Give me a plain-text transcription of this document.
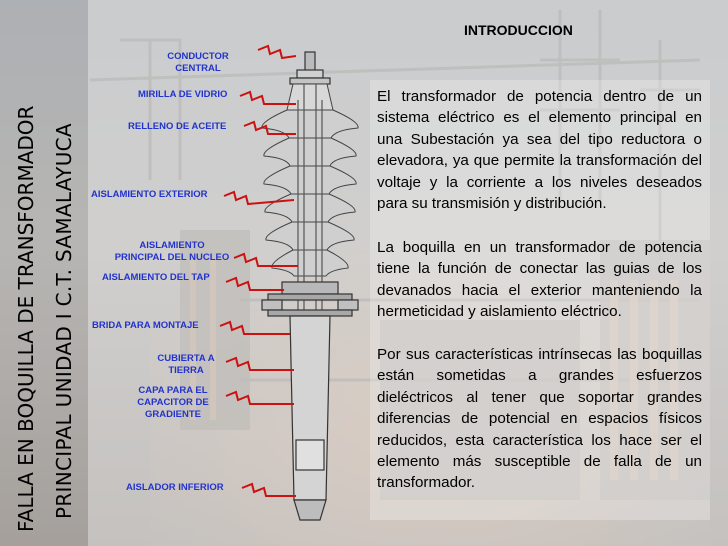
FALLA EN BOQUILLA DE TRANSFORMADOR PRINCIPAL UNIDAD I C.T. SAMALAYUCA
CONDUCTOR
CENTRAL
MIRILLA DE VIDRIO
RELLENO DE ACEITE
AISLAMIENTO EXTERIOR
AISLAMIENTO
PRINCIPAL DEL NUCLEO
AISLAMIENTO DEL TAP
BRIDA PARA MONTAJE
CUBIERTA A
TIERRA
CAPA PARA EL
CAPACITOR DE
GRADIENTE
AISLADOR INFERIOR
INTRODUCCION

El transformador de potencia dentro de un sistema eléctrico es el elemento principal en una Subestación ya sea del tipo reductora o elevadora, ya que permite la transformación del voltaje y la corriente a los niveles deseados para su transmisión y distribución.

La boquilla en un transformador de potencia tiene la función de conectar las guias de los devanados hacia el exterior manteniendo la hermeticidad y aislamiento eléctrico.

Por sus características intrínsecas las boquillas están sometidas a grandes esfuerzos dieléctricos al tener que soportar grandes diferencias de potencial en espacios físicos reducidos, esta característica los hace ser el elemento más susceptible de falla de un transformador.
